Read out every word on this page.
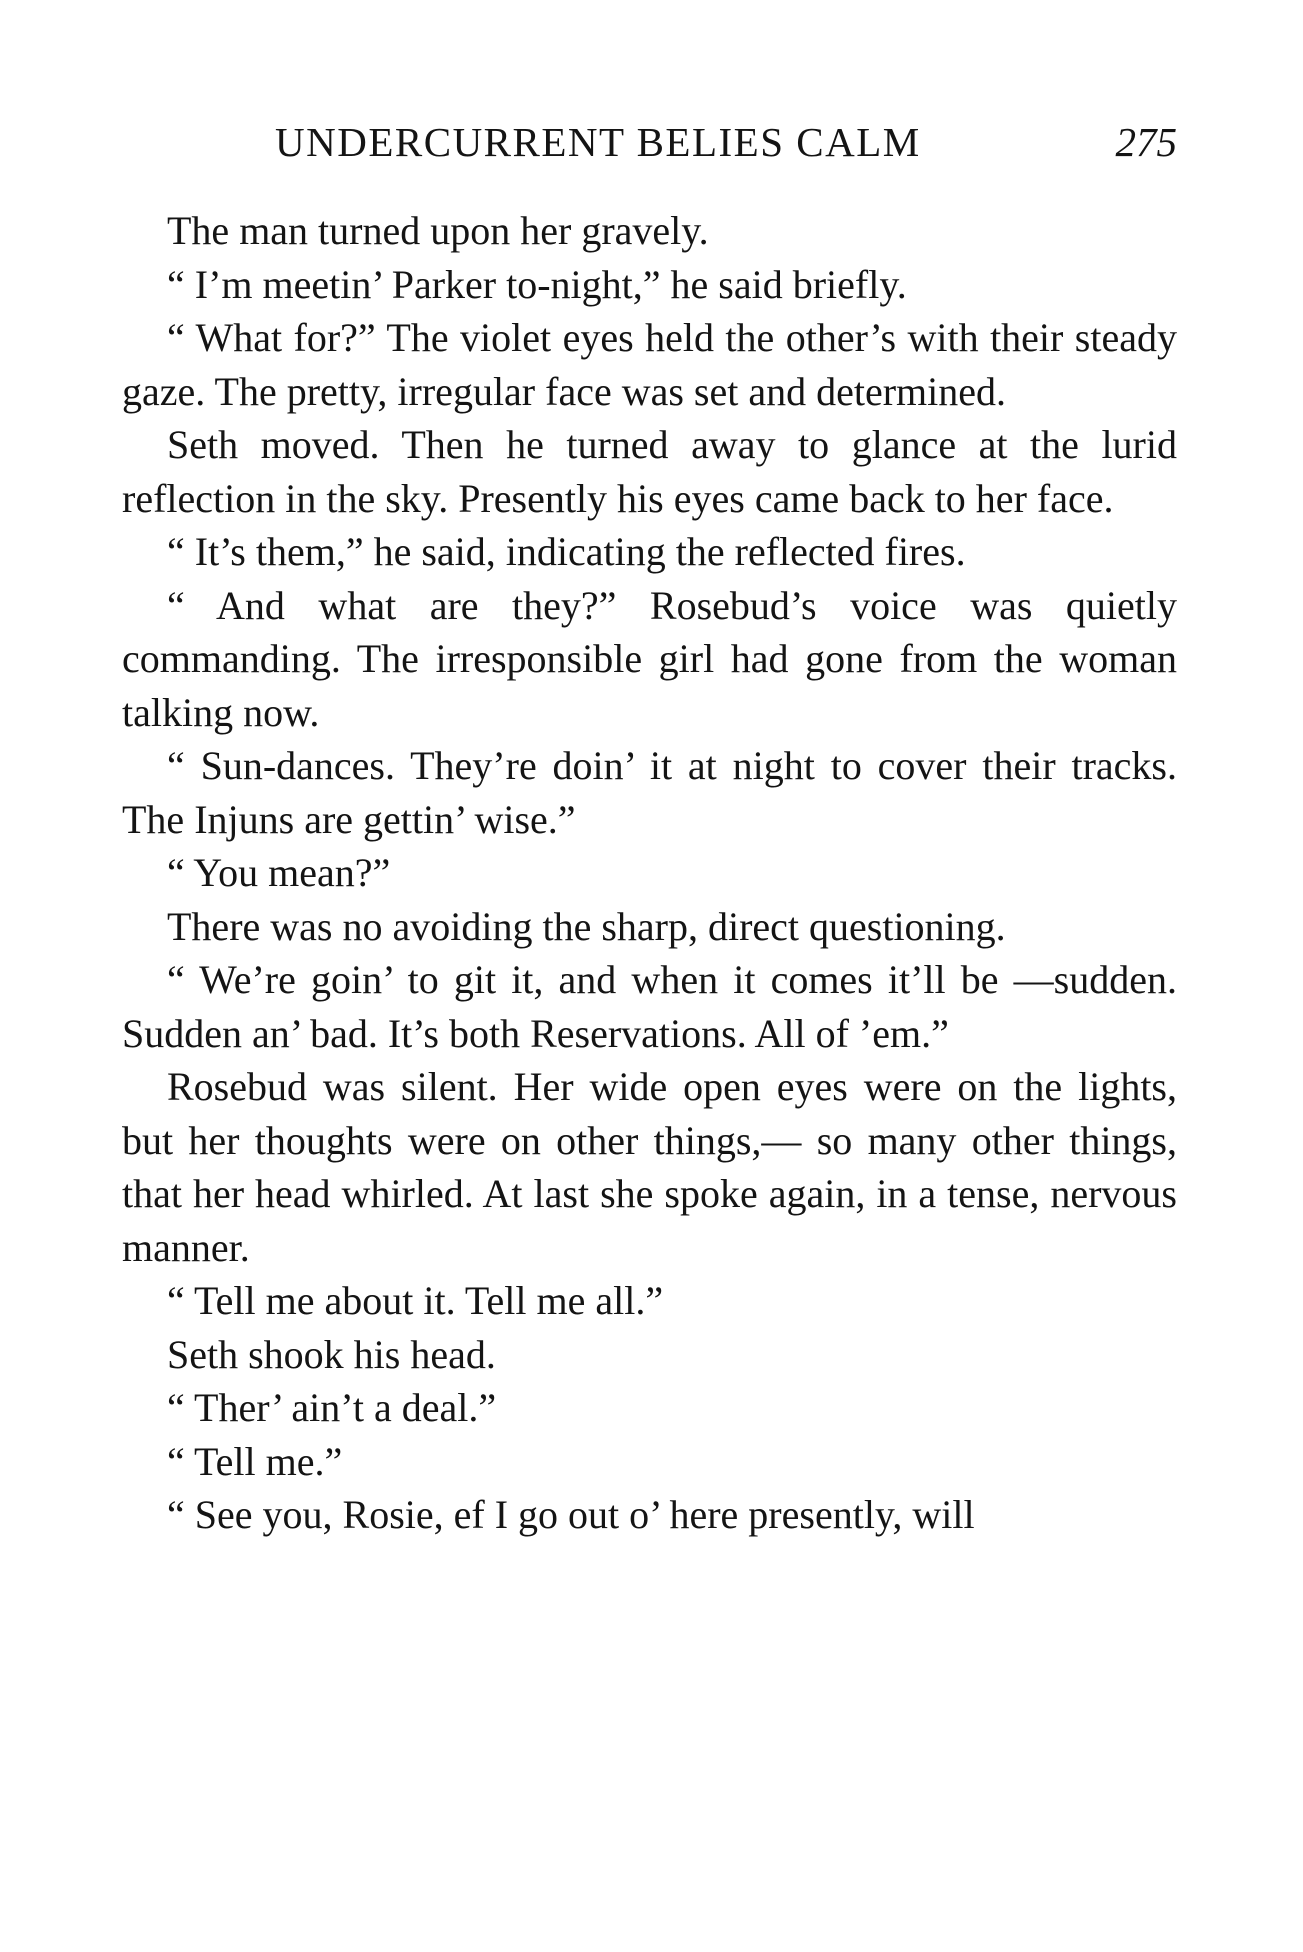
UNDERCURRENT BELIES CALM	275

The man turned upon her gravely.

“ I’m meetin’ Parker to-night,” he said briefly.

“ What for?” The violet eyes held the other’s with their steady gaze. The pretty, irregular face was set and determined.

Seth moved. Then he turned away to glance at the lurid reflection in the sky. Presently his eyes came back to her face.

“ It’s them,” he said, indicating the reflected fires.

“ And what are they?” Rosebud’s voice was quietly commanding. The irresponsible girl had gone from the woman talking now.

“ Sun-dances. They’re doin’ it at night to cover their tracks. The Injuns are gettin’ wise.”

“ You mean?”

There was no avoiding the sharp, direct questioning.

“ We’re goin’ to git it, and when it comes it’ll be —sudden. Sudden an’ bad. It’s both Reservations. All of ’em.”

Rosebud was silent. Her wide open eyes were on the lights, but her thoughts were on other things,— so many other things, that her head whirled. At last she spoke again, in a tense, nervous manner.

“ Tell me about it. Tell me all.”

Seth shook his head.

“ Ther’ ain’t a deal.”

“ Tell me.”

“ See you, Rosie, ef I go out o’ here presently, will
